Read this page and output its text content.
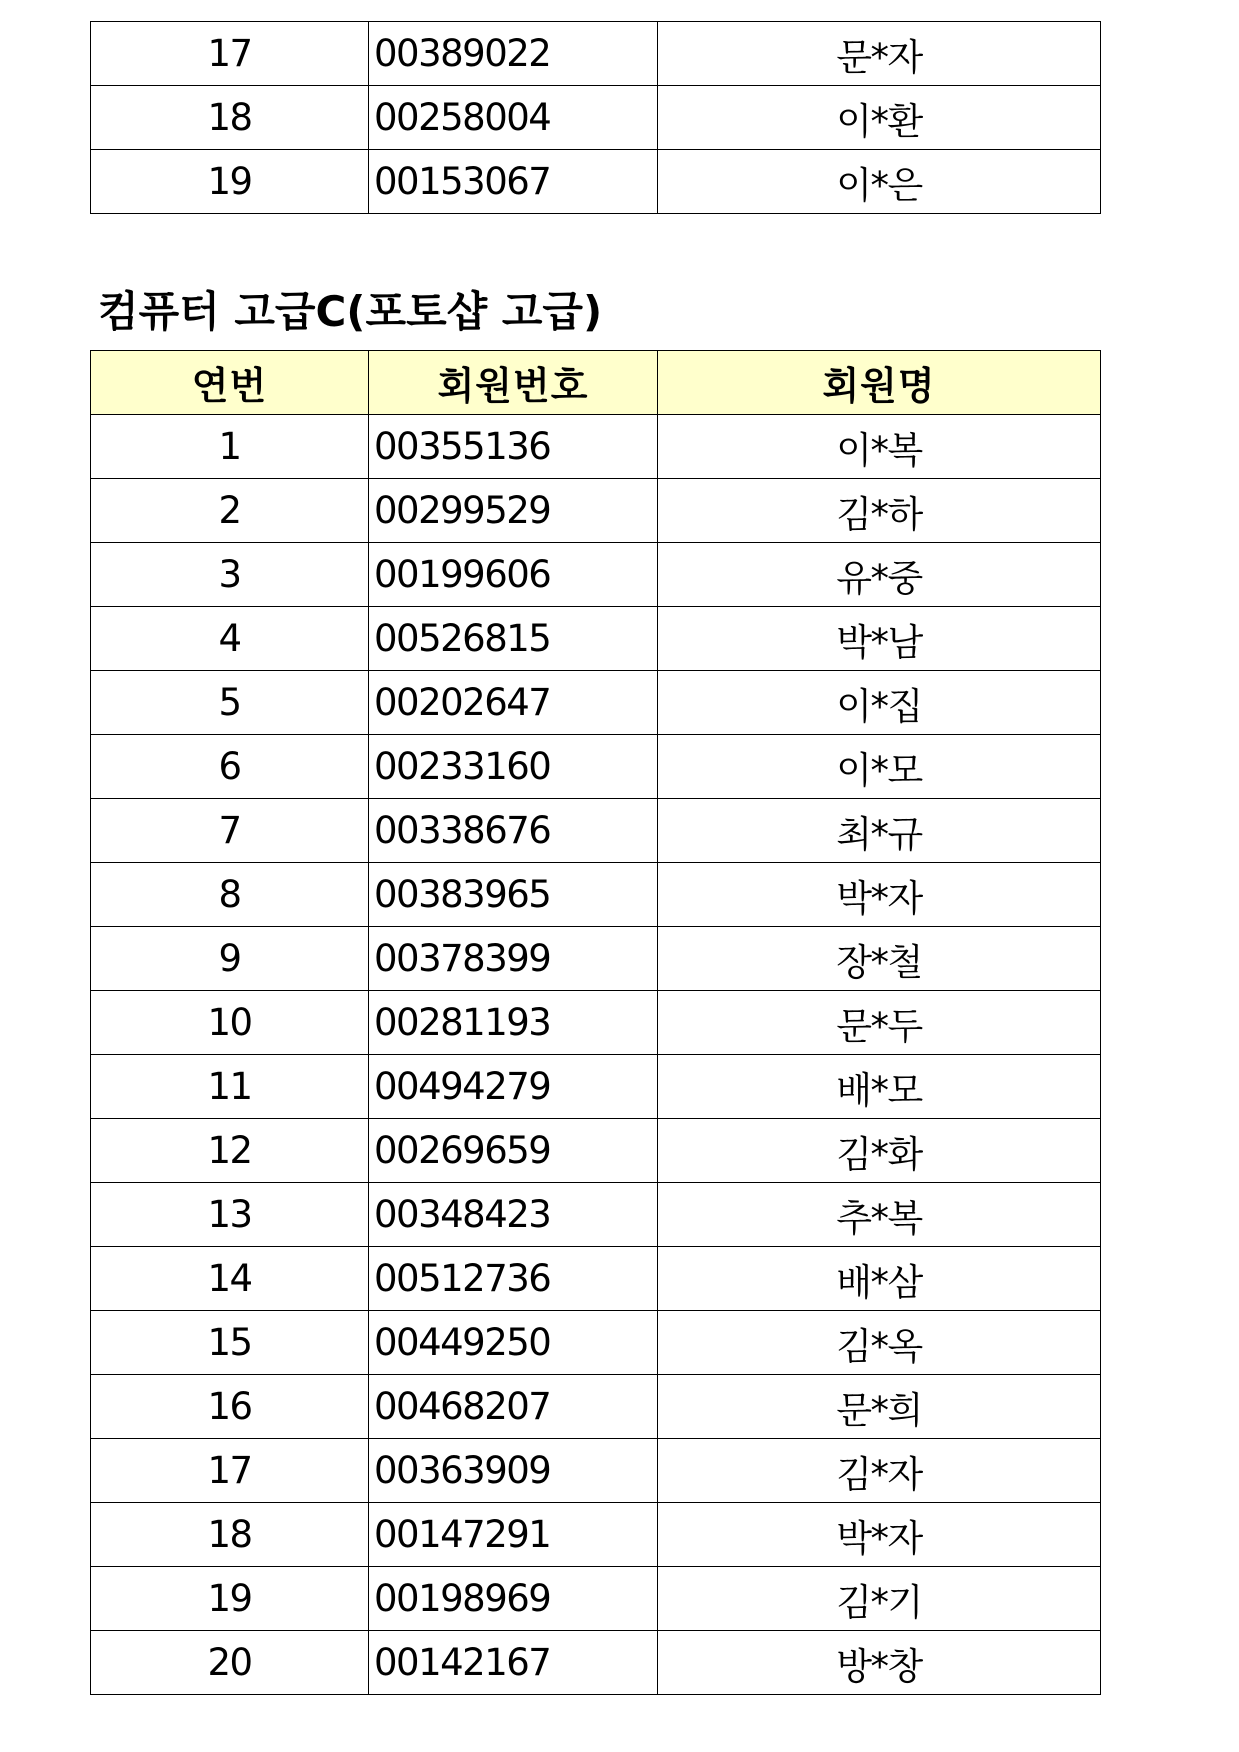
17	00389022	문*자
18	00258004	이*환
19	00153067	이*은
컴퓨터 고급C(포토샵 고급)
연번	회원번호	회원명
1	00355136	이*복
2	00299529	김*하
3	00199606	유*중
4	00526815	박*남
5	00202647	이*집
6	00233160	이*모
7	00338676	최*규
8	00383965	박*자
9	00378399	장*철
10	00281193	문*두
11	00494279	배*모
12	00269659	김*화
13	00348423	추*복
14	00512736	배*삼
15	00449250	김*옥
16	00468207	문*희
17	00363909	김*자
18	00147291	박*자
19	00198969	김*기
20	00142167	방*창
